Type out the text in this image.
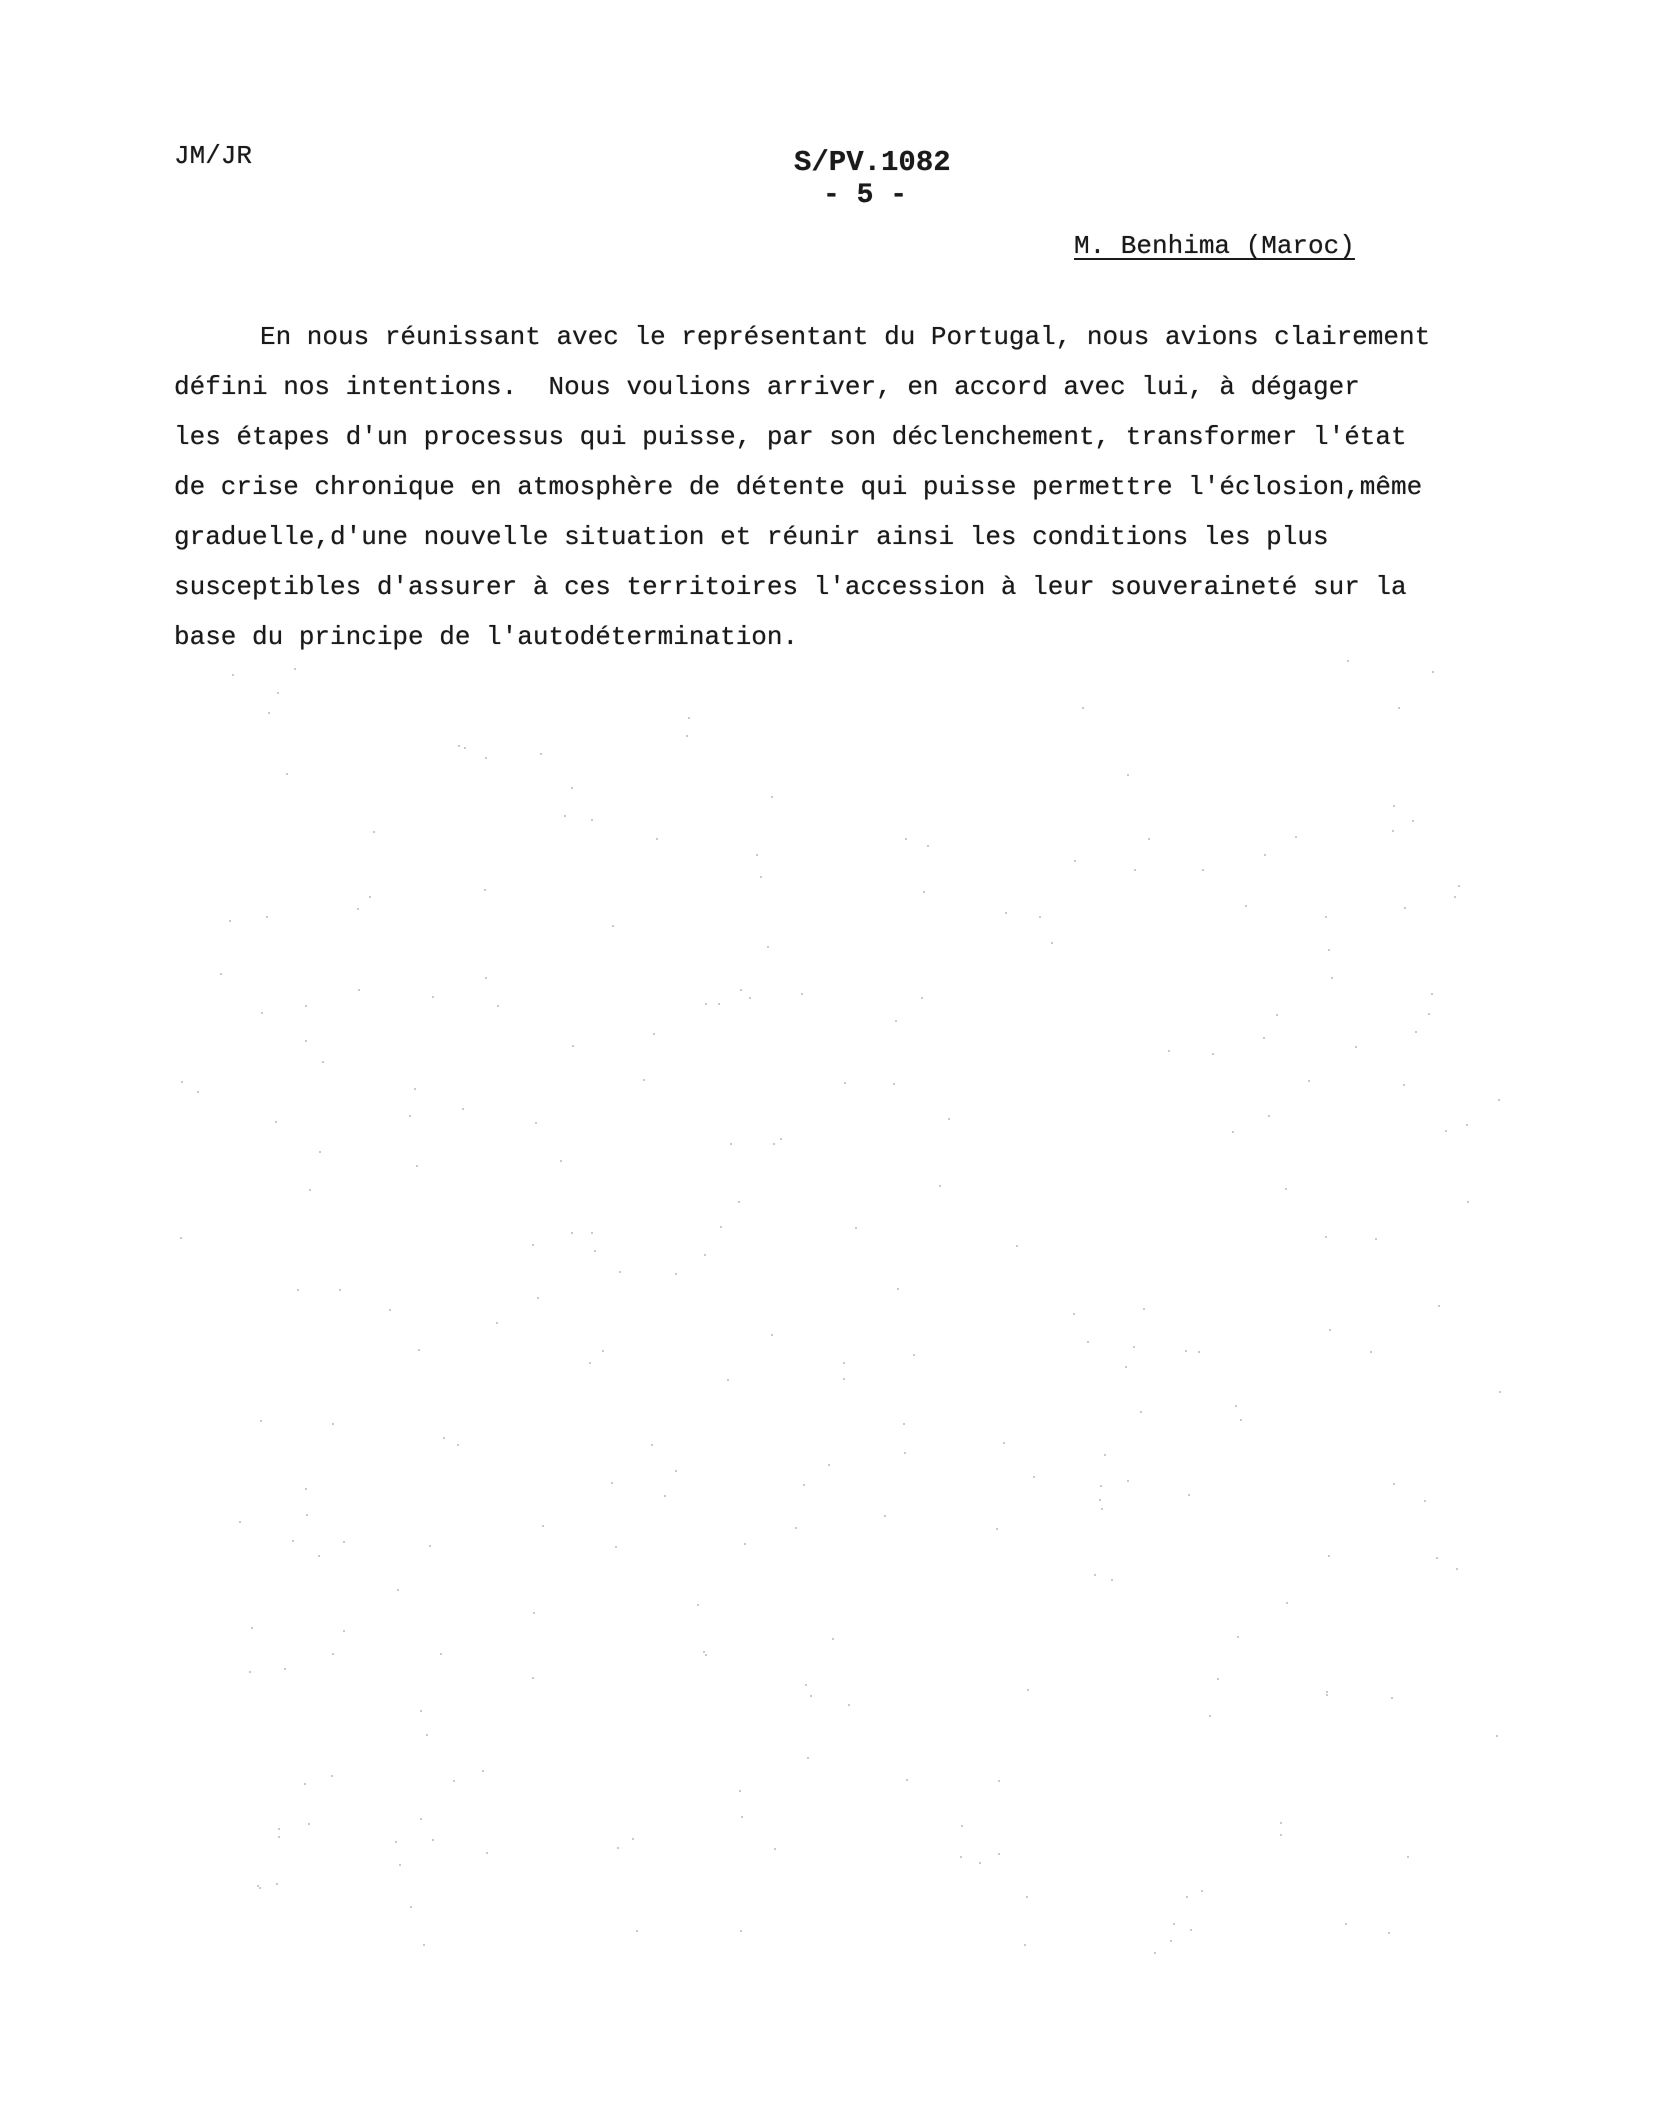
JM/JR	S/PV.1082
- 5 -
M. Benhima (Maroc)
En nous réunissant avec le représentant du Portugal, nous avions clairement
défini nos intentions.  Nous voulions arriver, en accord avec lui, à dégager
les étapes d'un processus qui puisse, par son déclenchement, transformer l'état
de crise chronique en atmosphère de détente qui puisse permettre l'éclosion,même
graduelle,d'une nouvelle situation et réunir ainsi les conditions les plus
susceptibles d'assurer à ces territoires l'accession à leur souveraineté sur la
base du principe de l'autodétermination.
